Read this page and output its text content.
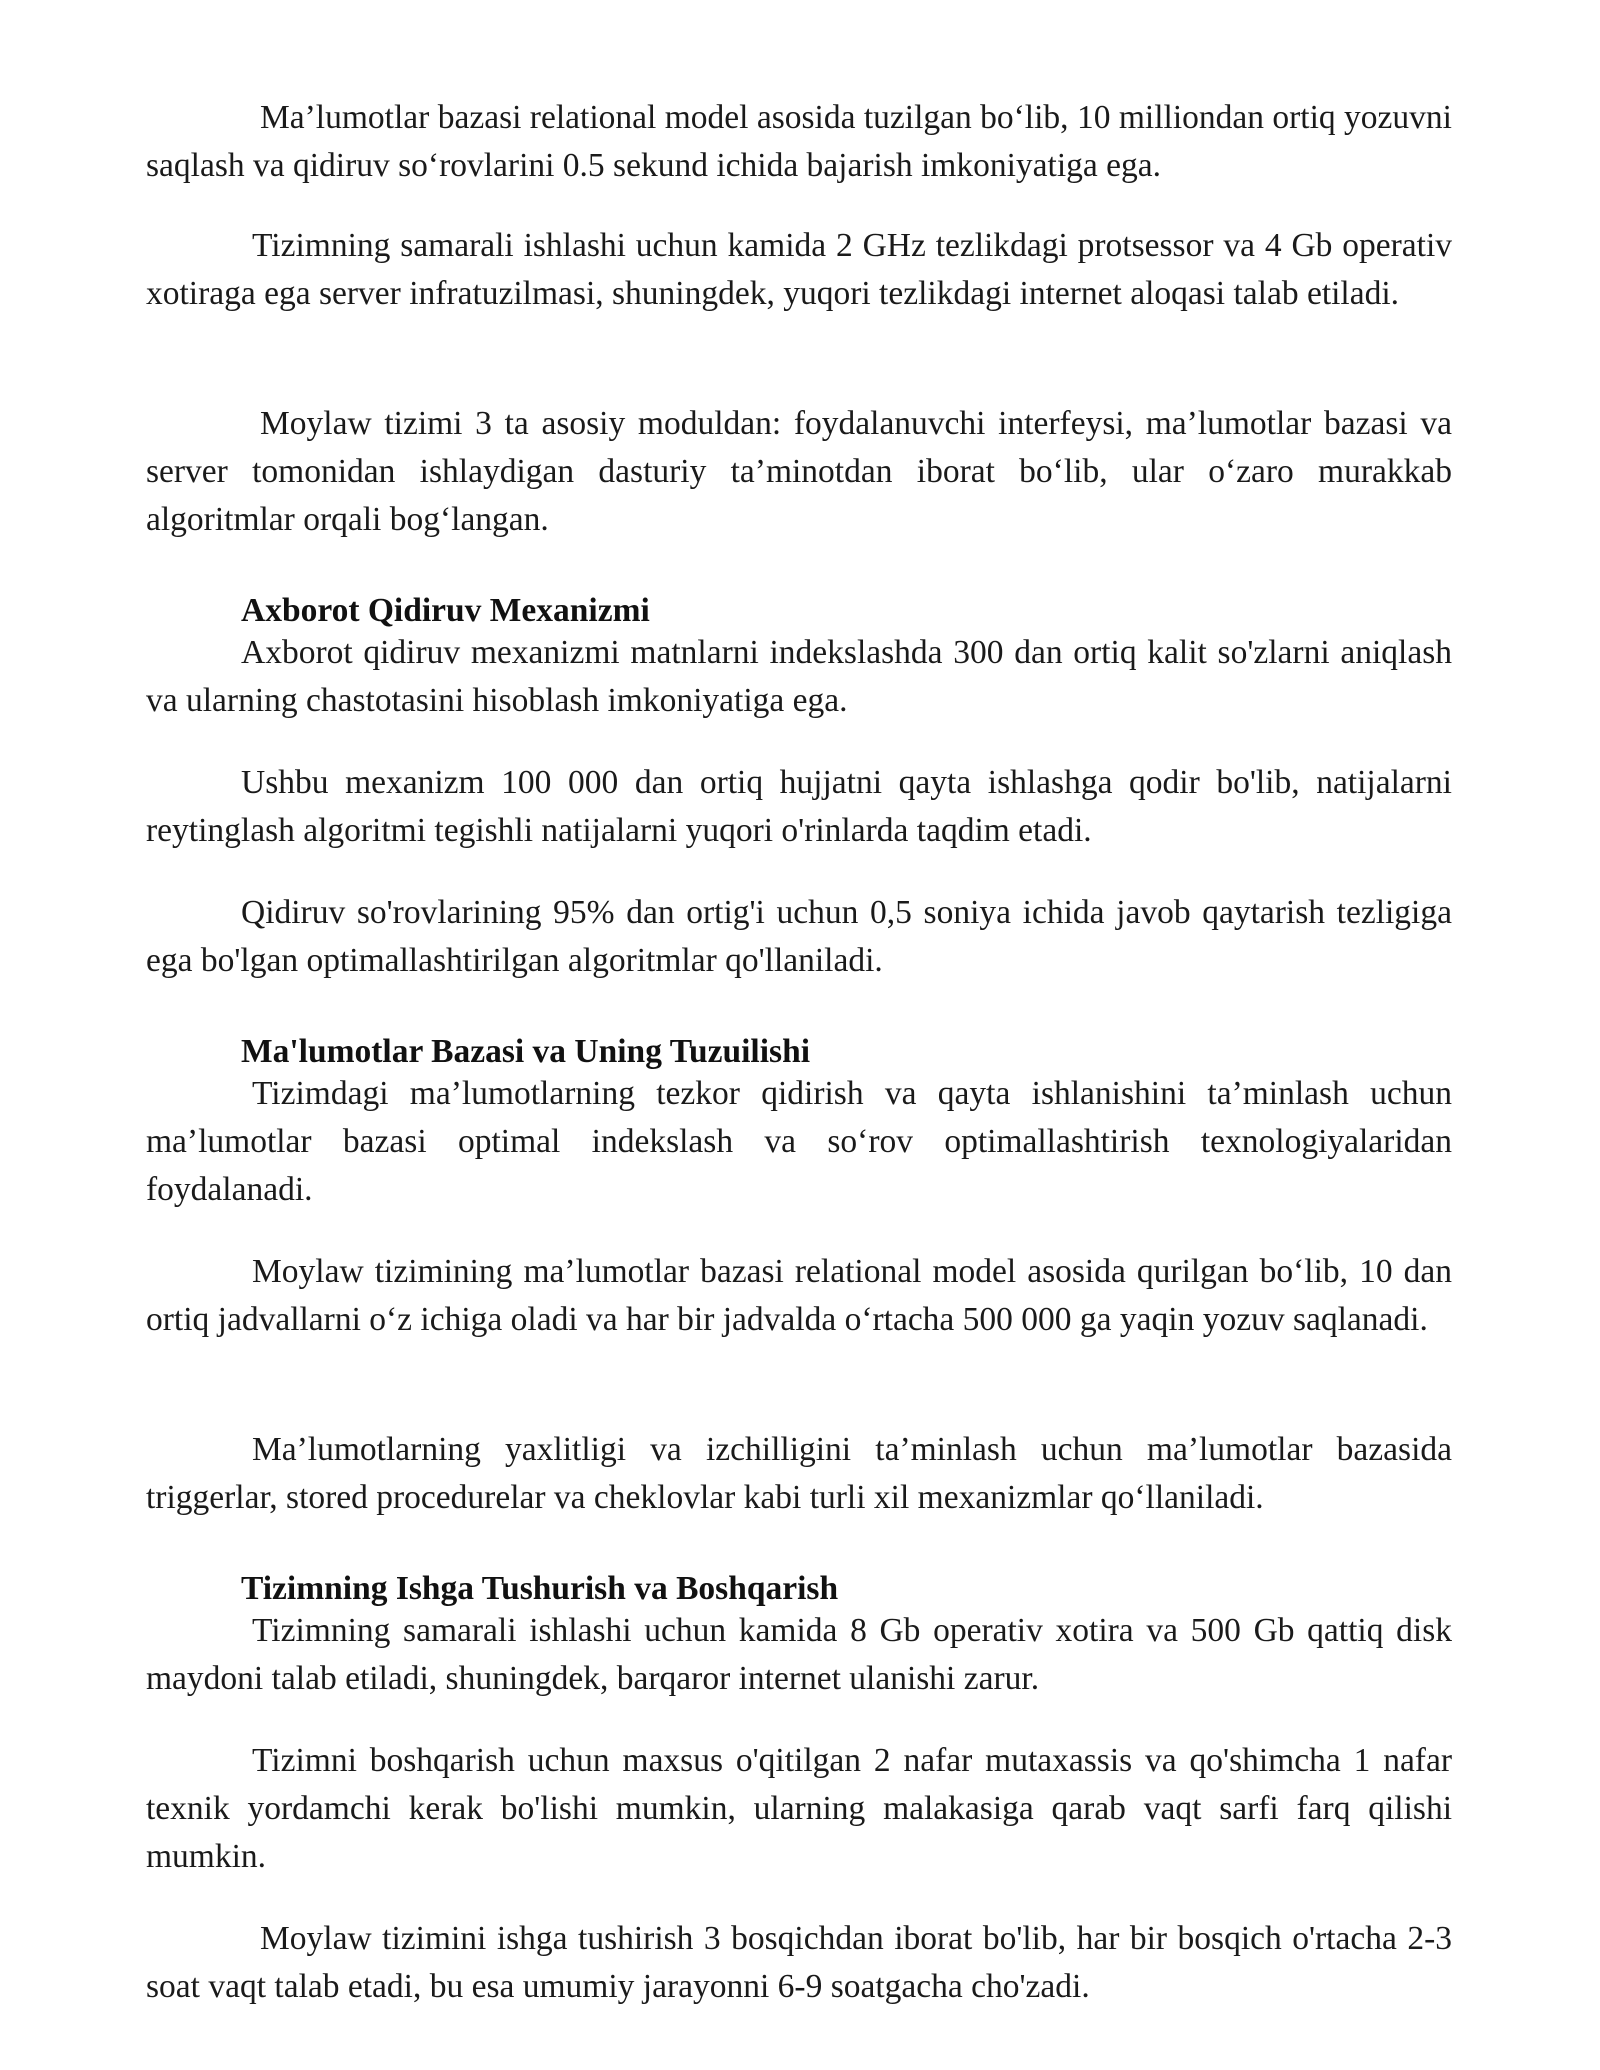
Ma’lumotlar bazasi relational model asosida tuzilgan bo‘lib, 10 milliondan ortiq yozuvni saqlash va qidiruv so‘rovlarini 0.5 sekund ichida bajarish imkoniyatiga ega.

Tizimning samarali ishlashi uchun kamida 2 GHz tezlikdagi protsessor va 4 Gb operativ xotiraga ega server infratuzilmasi, shuningdek, yuqori tezlikdagi internet aloqasi talab etiladi.

Moylaw tizimi 3 ta asosiy moduldan: foydalanuvchi interfeysi, ma’lumotlar bazasi va server tomonidan ishlaydigan dasturiy ta’minotdan iborat bo‘lib, ular o‘zaro murakkab algoritmlar orqali bog‘langan.

Axborot Qidiruv Mexanizmi

Axborot qidiruv mexanizmi matnlarni indekslashda 300 dan ortiq kalit so'zlarni aniqlash va ularning chastotasini hisoblash imkoniyatiga ega.

Ushbu mexanizm 100 000 dan ortiq hujjatni qayta ishlashga qodir bo'lib, natijalarni reytinglash algoritmi tegishli natijalarni yuqori o'rinlarda taqdim etadi.

Qidiruv so'rovlarining 95% dan ortig'i uchun 0,5 soniya ichida javob qaytarish tezligiga ega bo'lgan optimallashtirilgan algoritmlar qo'llaniladi.

Ma'lumotlar Bazasi va Uning Tuzuilishi

Tizimdagi ma’lumotlarning tezkor qidirish va qayta ishlanishini ta’minlash uchun ma’lumotlar bazasi optimal indekslash va so‘rov optimallashtirish texnologiyalaridan foydalanadi.

Moylaw tizimining ma’lumotlar bazasi relational model asosida qurilgan bo‘lib, 10 dan ortiq jadvallarni o‘z ichiga oladi va har bir jadvalda o‘rtacha 500 000 ga yaqin yozuv saqlanadi.

Ma’lumotlarning yaxlitligi va izchilligini ta’minlash uchun ma’lumotlar bazasida triggerlar, stored procedurelar va cheklovlar kabi turli xil mexanizmlar qo‘llaniladi.

Tizimning Ishga Tushurish va Boshqarish

Tizimning samarali ishlashi uchun kamida 8 Gb operativ xotira va 500 Gb qattiq disk maydoni talab etiladi, shuningdek, barqaror internet ulanishi zarur.

Tizimni boshqarish uchun maxsus o'qitilgan 2 nafar mutaxassis va qo'shimcha 1 nafar texnik yordamchi kerak bo'lishi mumkin, ularning malakasiga qarab vaqt sarfi farq qilishi mumkin.

Moylaw tizimini ishga tushirish 3 bosqichdan iborat bo'lib, har bir bosqich o'rtacha 2-3 soat vaqt talab etadi, bu esa umumiy jarayonni 6-9 soatgacha cho'zadi.
